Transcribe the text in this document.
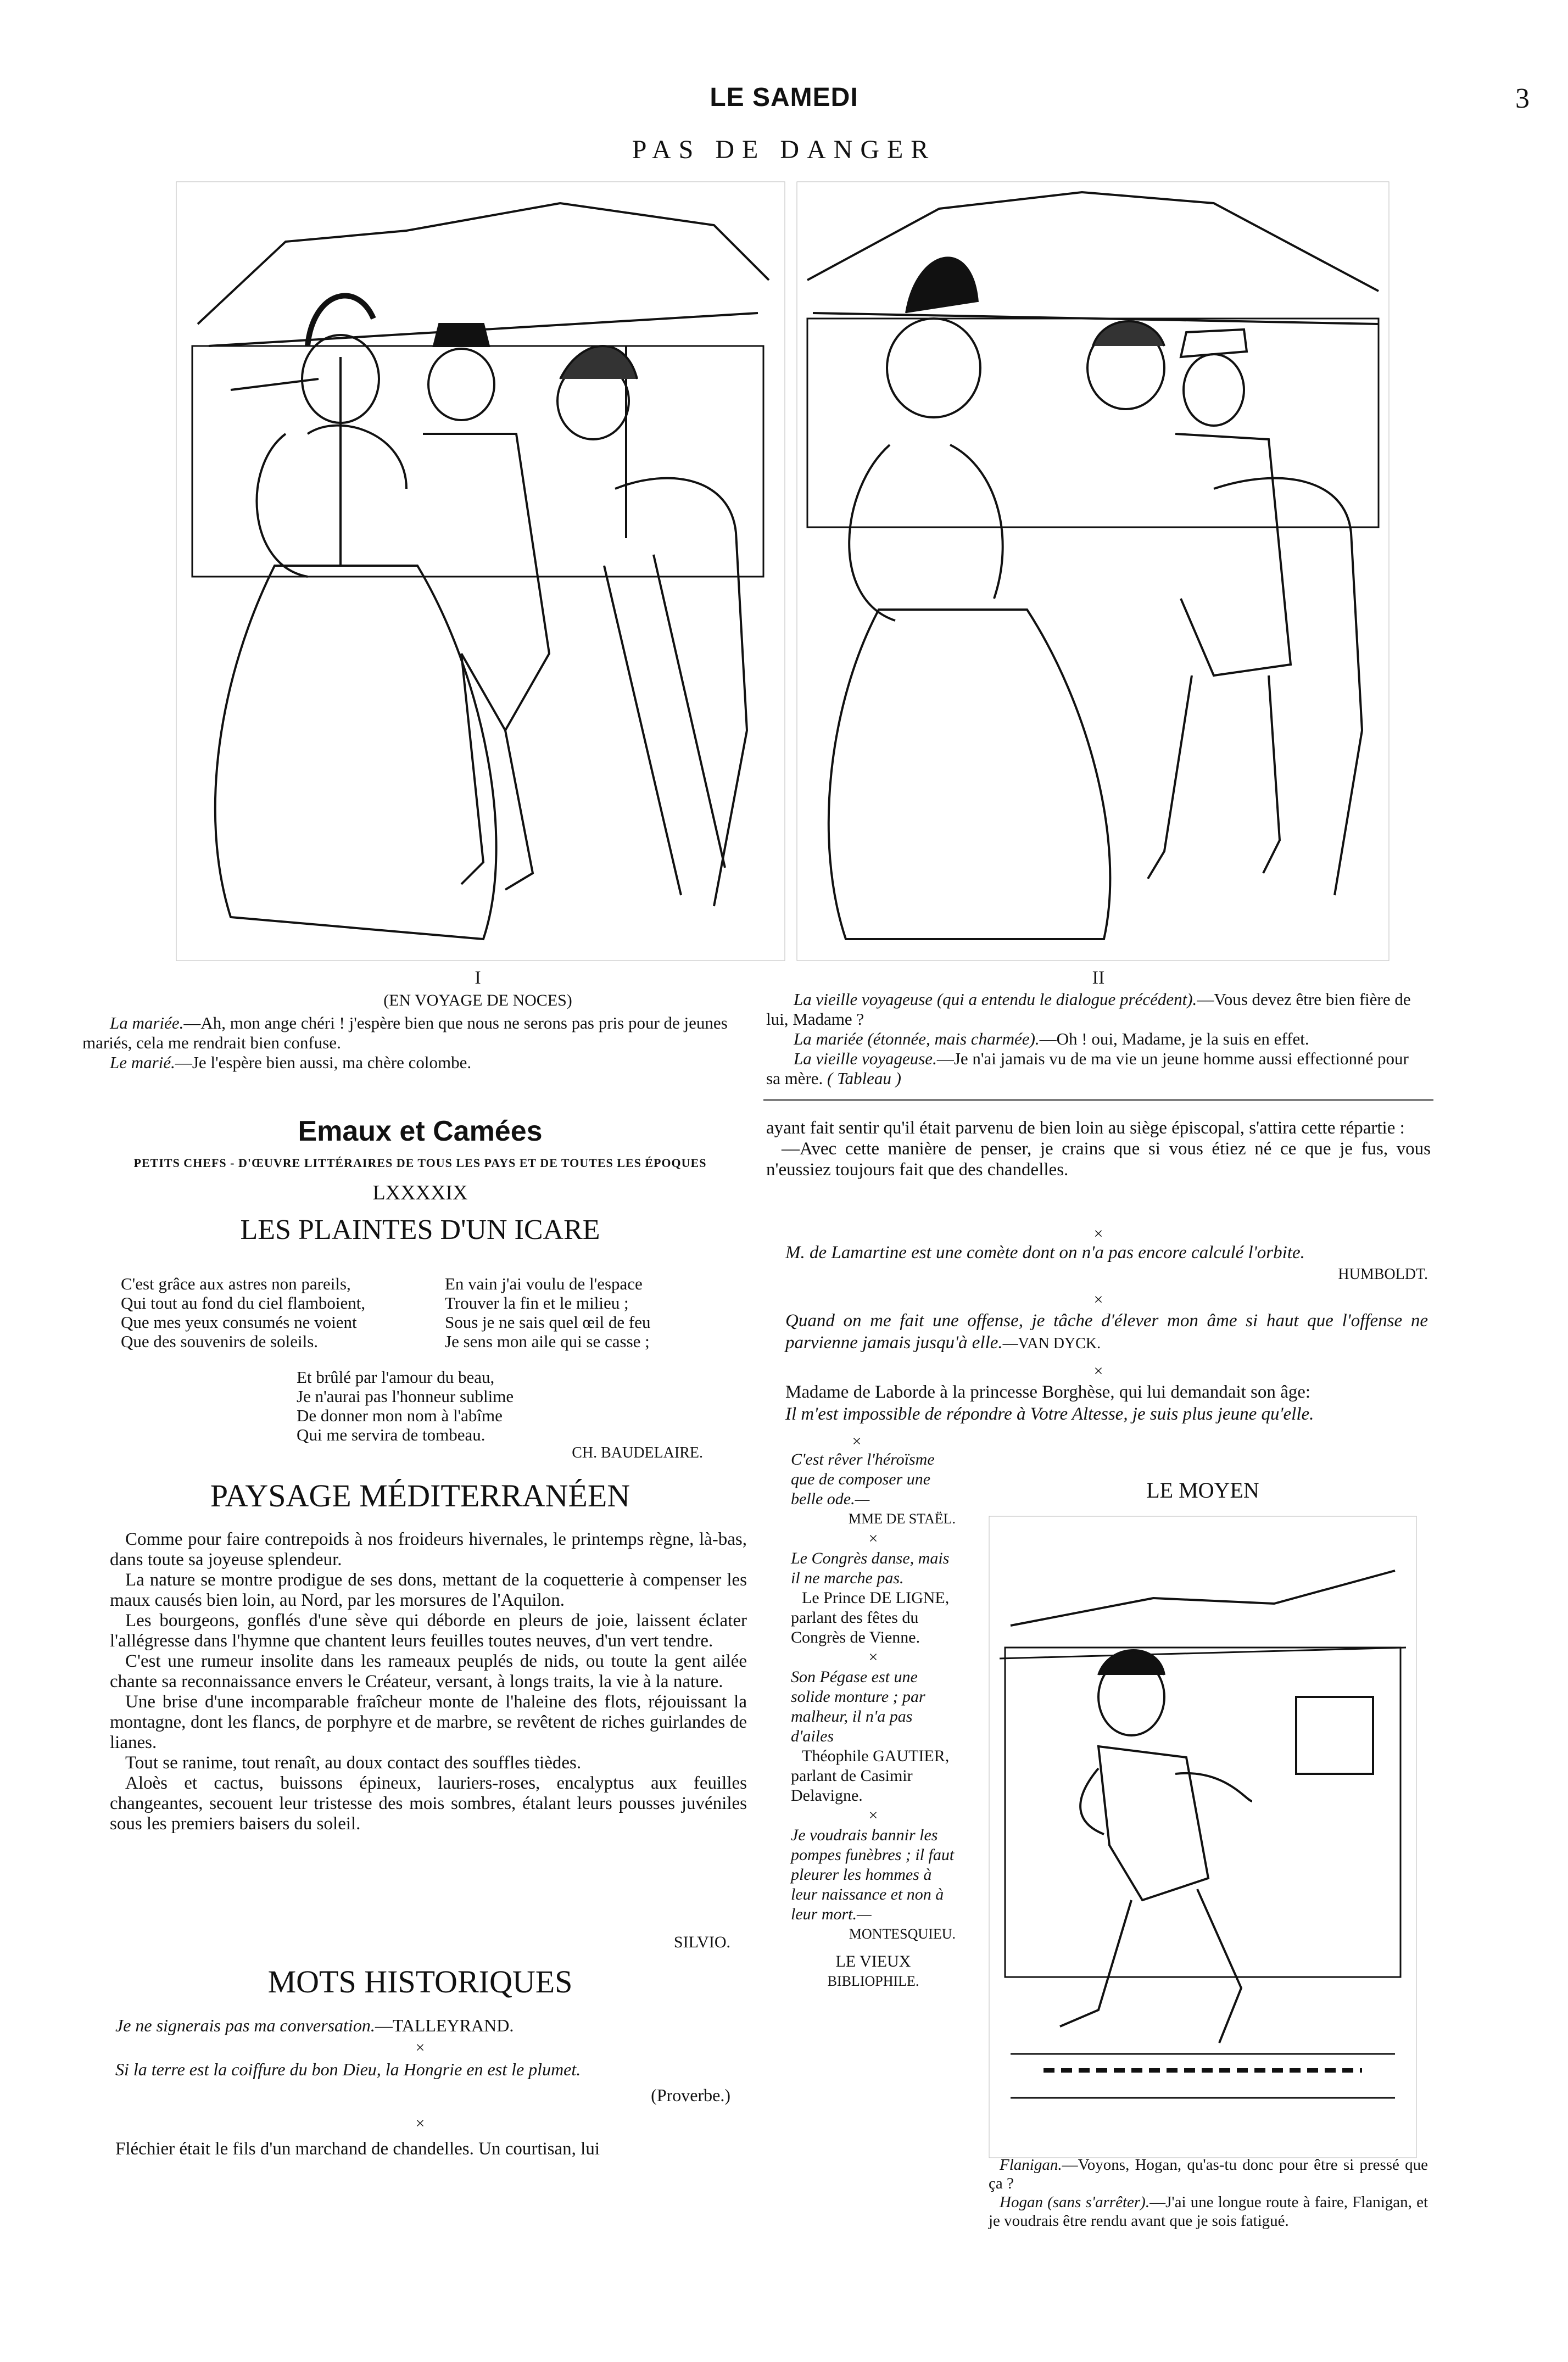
LE SAMEDI	3
PAS DE DANGER
I
(EN VOYAGE DE NOCES)
La mariée.—Ah, mon ange chéri ! j'espère bien que nous ne serons pas pris pour de jeunes mariés, cela me rendrait bien confuse.
Le marié.—Je l'espère bien aussi, ma chère colombe.
II
La vieille voyageuse (qui a entendu le dialogue précédent).—Vous devez être bien fière de lui, Madame ?
La mariée (étonnée, mais charmée).—Oh ! oui, Madame, je la suis en effet.
La vieille voyageuse.—Je n'ai jamais vu de ma vie un jeune homme aussi effectionné pour sa mère. ( Tableau )
Emaux et Camées
PETITS CHEFS - D'ŒUVRE LITTÉRAIRES DE TOUS LES PAYS ET DE TOUTES LES ÉPOQUES
LXXXXIX
LES PLAINTES D'UN ICARE
C'est grâce aux astres non pareils,
Qui tout au fond du ciel flamboient,
Que mes yeux consumés ne voient
Que des souvenirs de soleils.
En vain j'ai voulu de l'espace
Trouver la fin et le milieu ;
Sous je ne sais quel œil de feu
Je sens mon aile qui se casse ;
Et brûlé par l'amour du beau,
Je n'aurai pas l'honneur sublime
De donner mon nom à l'abîme
Qui me servira de tombeau.
CH. BAUDELAIRE.
PAYSAGE MÉDITERRANÉEN

Comme pour faire contrepoids à nos froideurs hivernales, le printemps règne, là-bas, dans toute sa joyeuse splendeur.

La nature se montre prodigue de ses dons, mettant de la coquetterie à compenser les maux causés bien loin, au Nord, par les morsures de l'Aquilon.

Les bourgeons, gonflés d'une sève qui déborde en pleurs de joie, laissent éclater l'allégresse dans l'hymne que chantent leurs feuilles toutes neuves, d'un vert tendre.

C'est une rumeur insolite dans les rameaux peuplés de nids, ou toute la gent ailée chante sa reconnaissance envers le Créateur, versant, à longs traits, la vie à la nature.

Une brise d'une incomparable fraîcheur monte de l'haleine des flots, réjouissant la montagne, dont les flancs, de porphyre et de marbre, se revêtent de riches guirlandes de lianes.

Tout se ranime, tout renaît, au doux contact des souffles tièdes.

Aloès et cactus, buissons épineux, lauriers-roses, encalyptus aux feuilles changeantes, secouent leur tristesse des mois sombres, étalant leurs pousses juvéniles sous les premiers baisers du soleil.

SILVIO.
MOTS HISTORIQUES
Je ne signerais pas ma conversation.—TALLEYRAND.
×
Si la terre est la coiffure du bon Dieu, la Hongrie en est le plumet.
(Proverbe.)
×
Fléchier était le fils d'un marchand de chandelles. Un courtisan, lui
ayant fait sentir qu'il était parvenu de bien loin au siège épiscopal, s'attira cette répartie :
—Avec cette manière de penser, je crains que si vous étiez né ce que je fus, vous n'eussiez toujours fait que des chandelles.
×
M. de Lamartine est une comète dont on n'a pas encore calculé l'orbite.
HUMBOLDT.
×
Quand on me fait une offense, je tâche d'élever mon âme si haut que l'offense ne parvienne jamais jusqu'à elle.—VAN DYCK.
×
Madame de Laborde à la princesse Borghèse, qui lui demandait son âge:
Il m'est impossible de répondre à Votre Altesse, je suis plus jeune qu'elle.
×
C'est rêver l'héroïsme que de composer une belle ode.—
MME DE STAËL.
×
Le Congrès danse, mais il ne marche pas.
Le Prince DE LIGNE, parlant des fêtes du Congrès de Vienne.
×
Son Pégase est une solide monture ; par malheur, il n'a pas d'ailes
Théophile GAUTIER, parlant de Casimir Delavigne.
×
Je voudrais bannir les pompes funèbres ; il faut pleurer les hommes à leur naissance et non à leur mort.—
MONTESQUIEU.
LE VIEUX
BIBLIOPHILE.
LE MOYEN
Flanigan.—Voyons, Hogan, qu'as-tu donc pour être si pressé que ça ?
Hogan (sans s'arrêter).—J'ai une longue route à faire, Flanigan, et je voudrais être rendu avant que je sois fatigué.
